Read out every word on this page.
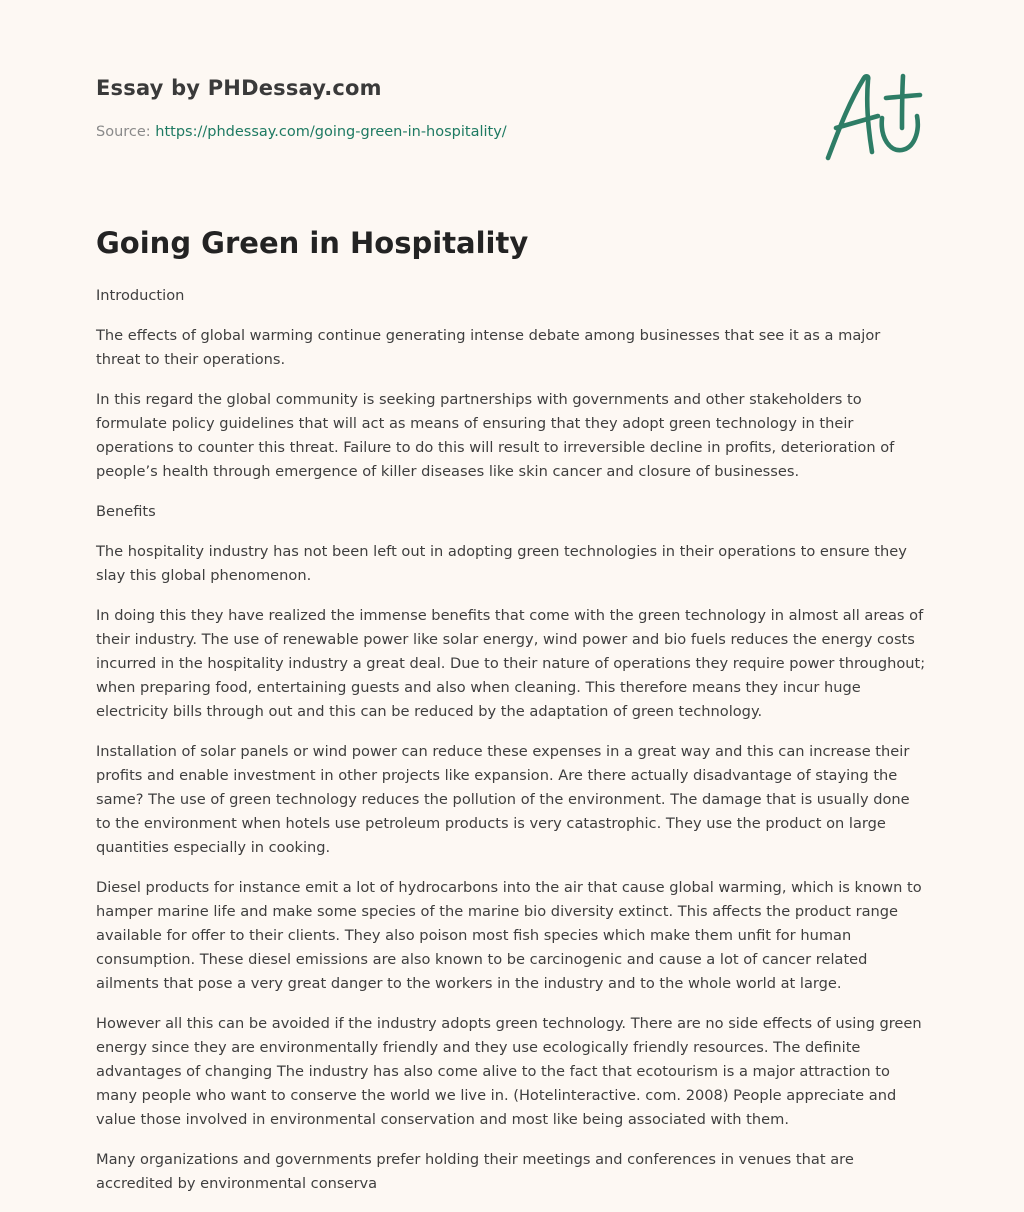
Essay by PHDessay.com
Source: https://phdessay.com/going-green-in-hospitality/
Going Green in Hospitality

Introduction

The effects of global warming continue generating intense debate among businesses that see it as a major threat to their operations.

In this regard the global community is seeking partnerships with governments and other stakeholders to formulate policy guidelines that will act as means of ensuring that they adopt green technology in their operations to counter this threat. Failure to do this will result to irreversible decline in profits, deterioration of people’s health through emergence of killer diseases like skin cancer and closure of businesses.

Benefits

The hospitality industry has not been left out in adopting green technologies in their operations to ensure they slay this global phenomenon.

In doing this they have realized the immense benefits that come with the green technology in almost all areas of their industry. The use of renewable power like solar energy, wind power and bio fuels reduces the energy costs incurred in the hospitality industry a great deal. Due to their nature of operations they require power throughout; when preparing food, entertaining guests and also when cleaning. This therefore means they incur huge electricity bills through out and this can be reduced by the adaptation of green technology.

Installation of solar panels or wind power can reduce these expenses in a great way and this can increase their profits and enable investment in other projects like expansion. Are there actually disadvantage of staying the same? The use of green technology reduces the pollution of the environment. The damage that is usually done to the environment when hotels use petroleum products is very catastrophic. They use the product on large quantities especially in cooking.

Diesel products for instance emit a lot of hydrocarbons into the air that cause global warming, which is known to hamper marine life and make some species of the marine bio diversity extinct. This affects the product range available for offer to their clients. They also poison most fish species which make them unfit for human consumption. These diesel emissions are also known to be carcinogenic and cause a lot of cancer related ailments that pose a very great danger to the workers in the industry and to the whole world at large.

However all this can be avoided if the industry adopts green technology. There are no side effects of using green energy since they are environmentally friendly and they use ecologically friendly resources. The definite advantages of changing The industry has also come alive to the fact that ecotourism is a major attraction to many people who want to conserve the world we live in. (Hotelinteractive. com. 2008) People appreciate and value those involved in environmental conservation and most like being associated with them.

Many organizations and governments prefer holding their meetings and conferences in venues that are accredited by environmental conserva
